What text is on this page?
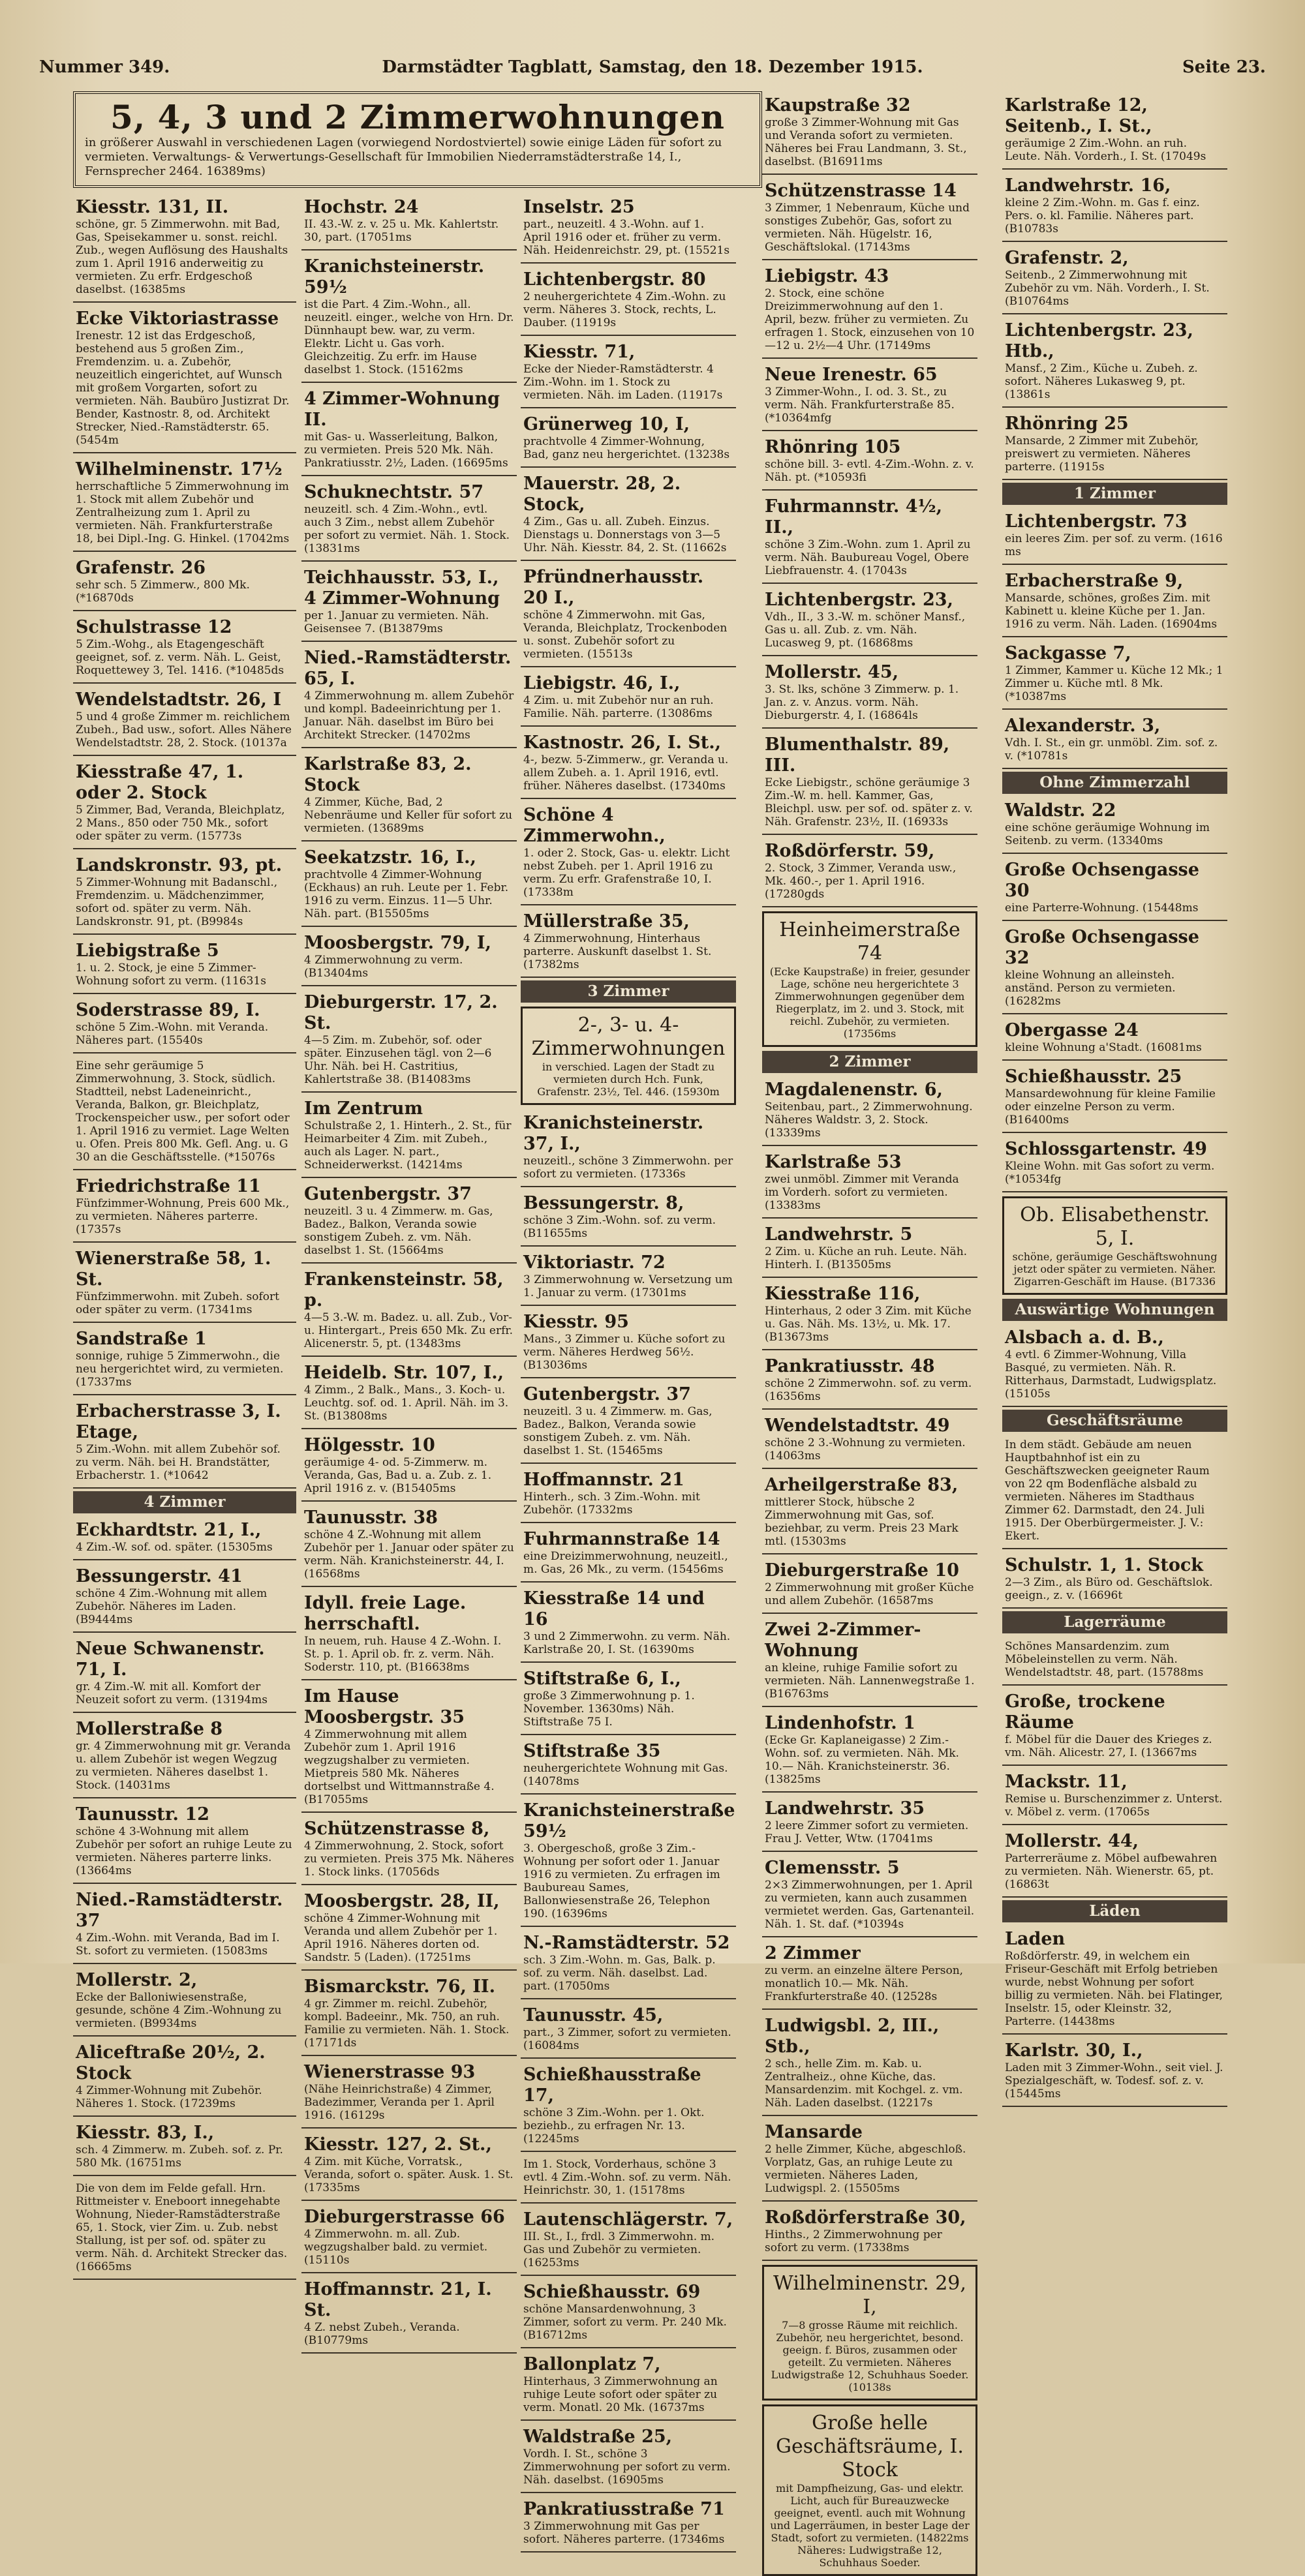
Nummer 349.	Darmstädter Tagblatt, Samstag, den 18. Dezember 1915.	Seite 23.
5, 4, 3 und 2 Zimmerwohnungen
in größerer Auswahl in verschiedenen Lagen (vorwiegend Nordostviertel) sowie einige Läden für sofort zu vermieten. Verwaltungs- & Verwertungs-Gesellschaft für Immobilien Niederramstädterstraße 14, I., Fernsprecher 2464. 16389ms)
Kiesstr. 131, II.
schöne, gr. 5 Zimmerwohn. mit Bad, Gas, Speisekammer u. sonst. reichl. Zub., wegen Auflösung des Haushalts zum 1. April 1916 anderweitig zu vermieten. Zu erfr. Erdgeschoß daselbst. (16385ms
Ecke Viktoriastrasse
Irenestr. 12 ist das Erdgeschoß, bestehend aus 5 großen Zim., Fremdenzim. u. a. Zubehör, neuzeitlich eingerichtet, auf Wunsch mit großem Vorgarten, sofort zu vermieten. Näh. Baubüro Justizrat Dr. Bender, Kastnostr. 8, od. Architekt Strecker, Nied.-Ramstädterstr. 65. (5454m
Wilhelminenstr. 17½
herrschaftliche 5 Zimmerwohnung im 1. Stock mit allem Zubehör und Zentralheizung zum 1. April zu vermieten. Näh. Frankfurterstraße 18, bei Dipl.-Ing. G. Hinkel. (17042ms
Grafenstr. 26
sehr sch. 5 Zimmerw., 800 Mk. (*16870ds
Schulstrasse 12
5 Zim.-Wohg., als Etagengeschäft geeignet, sof. z. verm. Näh. L. Geist, Roquettewey 3, Tel. 1416. (*10485ds
Wendelstadtstr. 26, I
5 und 4 große Zimmer m. reichlichem Zubeh., Bad usw., sofort. Alles Nähere Wendelstadtstr. 28, 2. Stock. (10137a
Kiesstraße 47, 1. oder 2. Stock
5 Zimmer, Bad, Veranda, Bleichplatz, 2 Mans., 850 oder 750 Mk., sofort oder später zu verm. (15773s
Landskronstr. 93, pt.
5 Zimmer-Wohnung mit Badanschl., Fremdenzim. u. Mädchenzimmer, sofort od. später zu verm. Näh. Landskronstr. 91, pt. (B9984s
Liebigstraße 5
1. u. 2. Stock, je eine 5 Zimmer-Wohnung sofort zu verm. (11631s
Soderstrasse 89, I.
schöne 5 Zim.-Wohn. mit Veranda. Näheres part. (15540s
Eine sehr geräumige 5 Zimmerwohnung, 3. Stock, südlich. Stadtteil, nebst Ladeneinricht., Veranda, Balkon, gr. Bleichplatz, Trockenspeicher usw., per sofort oder 1. April 1916 zu vermiet. Lage Welten u. Ofen. Preis 800 Mk. Gefl. Ang. u. G 30 an die Geschäftsstelle. (*15076s
Friedrichstraße 11
Fünfzimmer-Wohnung, Preis 600 Mk., zu vermieten. Näheres parterre. (17357s
Wienerstraße 58, 1. St.
Fünfzimmerwohn. mit Zubeh. sofort oder später zu verm. (17341ms
Sandstraße 1
sonnige, ruhige 5 Zimmerwohn., die neu hergerichtet wird, zu vermieten. (17337ms
Erbacherstrasse 3, I. Etage,
5 Zim.-Wohn. mit allem Zubehör sof. zu verm. Näh. bei H. Brandstätter, Erbacherstr. 1. (*10642
4 Zimmer
Eckhardtstr. 21, I.,
4 Zim.-W. sof. od. später. (15305ms
Bessungerstr. 41
schöne 4 Zim.-Wohnung mit allem Zubehör. Näheres im Laden. (B9444ms
Neue Schwanenstr. 71, I.
gr. 4 Zim.-W. mit all. Komfort der Neuzeit sofort zu verm. (13194ms
Mollerstraße 8
gr. 4 Zimmerwohnung mit gr. Veranda u. allem Zubehör ist wegen Wegzug zu vermieten. Näheres daselbst 1. Stock. (14031ms
Taunusstr. 12
schöne 4 3-Wohnung mit allem Zubehör per sofort an ruhige Leute zu vermieten. Näheres parterre links. (13664ms
Nied.-Ramstädterstr. 37
4 Zim.-Wohn. mit Veranda, Bad im I. St. sofort zu vermieten. (15083ms
Mollerstr. 2,
Ecke der Balloniwiesenstraße, gesunde, schöne 4 Zim.-Wohnung zu vermieten. (B9934ms
Aliceftraße 20½, 2. Stock
4 Zimmer-Wohnung mit Zubehör. Näheres 1. Stock. (17239ms
Kiesstr. 83, I.,
sch. 4 Zimmerw. m. Zubeh. sof. z. Pr. 580 Mk. (16751ms
Die von dem im Felde gefall. Hrn. Rittmeister v. Eneboort innegehabte Wohnung, Nieder-Ramstädterstraße 65, 1. Stock, vier Zim. u. Zub. nebst Stallung, ist per sof. od. später zu verm. Näh. d. Architekt Strecker das. (16665ms
Hochstr. 24
II. 43.-W. z. v. 25 u. Mk. Kahlertstr. 30, part. (17051ms
Kranichsteinerstr. 59½
ist die Part. 4 Zim.-Wohn., all. neuzeitl. einger., welche von Hrn. Dr. Dünnhaupt bew. war, zu verm. Elektr. Licht u. Gas vorh. Gleichzeitig. Zu erfr. im Hause daselbst 1. Stock. (15162ms
4 Zimmer-Wohnung II.
mit Gas- u. Wasserleitung, Balkon, zu vermieten. Preis 520 Mk. Näh. Pankratiusstr. 2½, Laden. (16695ms
Schuknechtstr. 57
neuzeitl. sch. 4 Zim.-Wohn., evtl. auch 3 Zim., nebst allem Zubehör per sofort zu vermiet. Näh. 1. Stock. (13831ms
Teichhausstr. 53, I., 4 Zimmer-Wohnung
per 1. Januar zu vermieten. Näh. Geisensee 7. (B13879ms
Nied.-Ramstädterstr. 65, I.
4 Zimmerwohnung m. allem Zubehör und kompl. Badeeinrichtung per 1. Januar. Näh. daselbst im Büro bei Architekt Strecker. (14702ms
Karlstraße 83, 2. Stock
4 Zimmer, Küche, Bad, 2 Nebenräume und Keller für sofort zu vermieten. (13689ms
Seekatzstr. 16, I.,
prachtvolle 4 Zimmer-Wohnung (Eckhaus) an ruh. Leute per 1. Febr. 1916 zu verm. Einzus. 11—5 Uhr. Näh. part. (B15505ms
Moosbergstr. 79, I,
4 Zimmerwohnung zu verm. (B13404ms
Dieburgerstr. 17, 2. St.
4—5 Zim. m. Zubehör, sof. oder später. Einzusehen tägl. von 2—6 Uhr. Näh. bei H. Castritius, Kahlertstraße 38. (B14083ms
Im Zentrum
Schulstraße 2, 1. Hinterh., 2. St., für Heimarbeiter 4 Zim. mit Zubeh., auch als Lager. N. part., Schneiderwerkst. (14214ms
Gutenbergstr. 37
neuzeitl. 3 u. 4 Zimmerw. m. Gas, Badez., Balkon, Veranda sowie sonstigem Zubeh. z. vm. Näh. daselbst 1. St. (15664ms
Frankensteinstr. 58, p.
4—5 3.-W. m. Badez. u. all. Zub., Vor- u. Hintergart., Preis 650 Mk. Zu erfr. Alicenerstr. 5, pt. (13483ms
Heidelb. Str. 107, I.,
4 Zimm., 2 Balk., Mans., 3. Koch- u. Leuchtg. sof. od. 1. April. Näh. im 3. St. (B13808ms
Hölgesstr. 10
geräumige 4- od. 5-Zimmerw. m. Veranda, Gas, Bad u. a. Zub. z. 1. April 1916 z. v. (B15405ms
Taunusstr. 38
schöne 4 Z.-Wohnung mit allem Zubehör per 1. Januar oder später zu verm. Näh. Kranichsteinerstr. 44, I. (16568ms
Idyll. freie Lage. herrschaftl.
In neuem, ruh. Hause 4 Z.-Wohn. I. St. p. 1. April ob. fr. z. verm. Näh. Soderstr. 110, pt. (B16638ms
Im Hause Moosbergstr. 35
4 Zimmerwohnung mit allem Zubehör zum 1. April 1916 wegzugshalber zu vermieten. Mietpreis 580 Mk. Näheres dortselbst und Wittmannstraße 4. (B17055ms
Schützenstrasse 8,
4 Zimmerwohnung, 2. Stock, sofort zu vermieten. Preis 375 Mk. Näheres 1. Stock links. (17056ds
Moosbergstr. 28, II,
schöne 4 Zimmer-Wohnung mit Veranda und allem Zubehör per 1. April 1916. Näheres dorten od. Sandstr. 5 (Laden). (17251ms
Bismarckstr. 76, II.
4 gr. Zimmer m. reichl. Zubehör, kompl. Badeeinr., Mk. 750, an ruh. Familie zu vermieten. Näh. 1. Stock. (17171ds
Wienerstrasse 93
(Nähe Heinrichstraße) 4 Zimmer, Badezimmer, Veranda per 1. April 1916. (16129s
Kiesstr. 127, 2. St.,
4 Zim. mit Küche, Vorratsk., Veranda, sofort o. später. Ausk. 1. St. (17335ms
Dieburgerstrasse 66
4 Zimmerwohn. m. all. Zub. wegzugshalber bald. zu vermiet. (15110s
Hoffmannstr. 21, I. St.
4 Z. nebst Zubeh., Veranda. (B10779ms
Inselstr. 25
part., neuzeitl. 4 3.-Wohn. auf 1. April 1916 oder et. früher zu verm. Näh. Heidenreichstr. 29, pt. (15521s
Lichtenbergstr. 80
2 neuhergerichtete 4 Zim.-Wohn. zu verm. Näheres 3. Stock, rechts, L. Dauber. (11919s
Kiesstr. 71,
Ecke der Nieder-Ramstädterstr. 4 Zim.-Wohn. im 1. Stock zu vermieten. Näh. im Laden. (11917s
Grünerweg 10, I,
prachtvolle 4 Zimmer-Wohnung, Bad, ganz neu hergerichtet. (13238s
Mauerstr. 28, 2. Stock,
4 Zim., Gas u. all. Zubeh. Einzus. Dienstags u. Donnerstags von 3—5 Uhr. Näh. Kiesstr. 84, 2. St. (11662s
Pfründnerhausstr. 20 I.,
schöne 4 Zimmerwohn. mit Gas, Veranda, Bleichplatz, Trockenboden u. sonst. Zubehör sofort zu vermieten. (15513s
Liebigstr. 46, I.,
4 Zim. u. mit Zubehör nur an ruh. Familie. Näh. parterre. (13086ms
Kastnostr. 26, I. St.,
4-, bezw. 5-Zimmerw., gr. Veranda u. allem Zubeh. a. 1. April 1916, evtl. früher. Näheres daselbst. (17340ms
Schöne 4 Zimmerwohn.,
1. oder 2. Stock, Gas- u. elektr. Licht nebst Zubeh. per 1. April 1916 zu verm. Zu erfr. Grafenstraße 10, I. (17338m
Müllerstraße 35,
4 Zimmerwohnung, Hinterhaus parterre. Auskunft daselbst 1. St. (17382ms
3 Zimmer
2-, 3- u. 4-Zimmerwohnungen
in verschied. Lagen der Stadt zu vermieten durch Hch. Funk, Grafenstr. 23½, Tel. 446. (15930m
Kranichsteinerstr. 37, I.,
neuzeitl., schöne 3 Zimmerwohn. per sofort zu vermieten. (17336s
Bessungerstr. 8,
schöne 3 Zim.-Wohn. sof. zu verm. (B11655ms
Viktoriastr. 72
3 Zimmerwohnung w. Versetzung um 1. Januar zu verm. (17301ms
Kiesstr. 95
Mans., 3 Zimmer u. Küche sofort zu verm. Näheres Herdweg 56½. (B13036ms
Gutenbergstr. 37
neuzeitl. 3 u. 4 Zimmerw. m. Gas, Badez., Balkon, Veranda sowie sonstigem Zubeh. z. vm. Näh. daselbst 1. St. (15465ms
Hoffmannstr. 21
Hinterh., sch. 3 Zim.-Wohn. mit Zubehör. (17332ms
Fuhrmannstraße 14
eine Dreizimmerwohnung, neuzeitl., m. Gas, 26 Mk., zu verm. (15456ms
Kiesstraße 14 und 16
3 und 2 Zimmerwohn. zu verm. Näh. Karlstraße 20, I. St. (16390ms
Stiftstraße 6, I.,
große 3 Zimmerwohnung p. 1. November. 13630ms) Näh. Stiftstraße 75 I.
Stiftstraße 35
neuhergerichtete Wohnung mit Gas. (14078ms
Kranichsteinerstraße 59½
3. Obergeschoß, große 3 Zim.-Wohnung per sofort oder 1. Januar 1916 zu vermieten. Zu erfragen im Baubureau Sames, Ballonwiesenstraße 26, Telephon 190. (16396ms
N.-Ramstädterstr. 52
sch. 3 Zim.-Wohn. m. Gas, Balk. p. sof. zu verm. Näh. daselbst. Lad. part. (17050ms
Taunusstr. 45,
part., 3 Zimmer, sofort zu vermieten. (16084ms
Schießhausstraße 17,
schöne 3 Zim.-Wohn. per 1. Okt. beziehb., zu erfragen Nr. 13. (12245ms
Im 1. Stock, Vorderhaus, schöne 3 evtl. 4 Zim.-Wohn. sof. zu verm. Näh. Heinrichstr. 30, 1. (15178ms
Lautenschlägerstr. 7,
III. St., I., frdl. 3 Zimmerwohn. m. Gas und Zubehör zu vermieten. (16253ms
Schießhausstr. 69
schöne Mansardenwohnung, 3 Zimmer, sofort zu verm. Pr. 240 Mk. (B16712ms
Ballonplatz 7,
Hinterhaus, 3 Zimmerwohnung an ruhige Leute sofort oder später zu verm. Monatl. 20 Mk. (16737ms
Waldstraße 25,
Vordh. I. St., schöne 3 Zimmerwohnung per sofort zu verm. Näh. daselbst. (16905ms
Pankratiusstraße 71
3 Zimmerwohnung mit Gas per sofort. Näheres parterre. (17346ms
Kaupstraße 32
große 3 Zimmer-Wohnung mit Gas und Veranda sofort zu vermieten. Näheres bei Frau Landmann, 3. St., daselbst. (B16911ms
Schützenstrasse 14
3 Zimmer, 1 Nebenraum, Küche und sonstiges Zubehör, Gas, sofort zu vermieten. Näh. Hügelstr. 16, Geschäftslokal. (17143ms
Liebigstr. 43
2. Stock, eine schöne Dreizimmerwohnung auf den 1. April, bezw. früher zu vermieten. Zu erfragen 1. Stock, einzusehen von 10—12 u. 2½—4 Uhr. (17149ms
Neue Irenestr. 65
3 Zimmer-Wohn., I. od. 3. St., zu verm. Näh. Frankfurterstraße 85. (*10364mfg
Rhönring 105
schöne bill. 3- evtl. 4-Zim.-Wohn. z. v. Näh. pt. (*10593fi
Fuhrmannstr. 4½, II.,
schöne 3 Zim.-Wohn. zum 1. April zu verm. Näh. Baubureau Vogel, Obere Liebfrauenstr. 4. (17043s
Lichtenbergstr. 23,
Vdh., II., 3 3.-W. m. schöner Mansf., Gas u. all. Zub. z. vm. Näh. Lucasweg 9, pt. (16868ms
Mollerstr. 45,
3. St. lks, schöne 3 Zimmerw. p. 1. Jan. z. v. Anzus. vorm. Näh. Dieburgerstr. 4, I. (16864ls
Blumenthalstr. 89, III.
Ecke Liebigstr., schöne geräumige 3 Zim.-W. m. hell. Kammer, Gas, Bleichpl. usw. per sof. od. später z. v. Näh. Grafenstr. 23½, II. (16933s
Roßdörferstr. 59,
2. Stock, 3 Zimmer, Veranda usw., Mk. 460.-, per 1. April 1916. (17280gds
Heinheimerstraße 74
(Ecke Kaupstraße) in freier, gesunder Lage, schöne neu hergerichtete 3 Zimmerwohnungen gegenüber dem Riegerplatz, im 2. und 3. Stock, mit reichl. Zubehör, zu vermieten. (17356ms
2 Zimmer
Magdalenenstr. 6,
Seitenbau, part., 2 Zimmerwohnung. Näheres Waldstr. 3, 2. Stock. (13339ms
Karlstraße 53
zwei unmöbl. Zimmer mit Veranda im Vorderh. sofort zu vermieten. (13383ms
Landwehrstr. 5
2 Zim. u. Küche an ruh. Leute. Näh. Hinterh. I. (B13505ms
Kiesstraße 116,
Hinterhaus, 2 oder 3 Zim. mit Küche u. Gas. Näh. Ms. 13½, u. Mk. 17. (B13673ms
Pankratiusstr. 48
schöne 2 Zimmerwohn. sof. zu verm. (16356ms
Wendelstadtstr. 49
schöne 2 3.-Wohnung zu vermieten. (14063ms
Arheilgerstraße 83,
mittlerer Stock, hübsche 2 Zimmerwohnung mit Gas, sof. beziehbar, zu verm. Preis 23 Mark mtl. (15303ms
Dieburgerstraße 10
2 Zimmerwohnung mit großer Küche und allem Zubehör. (16587ms
Zwei 2-Zimmer-Wohnung
an kleine, ruhige Familie sofort zu vermieten. Näh. Lannenwegstraße 1. (B16763ms
Lindenhofstr. 1
(Ecke Gr. Kaplaneigasse) 2 Zim.-Wohn. sof. zu vermieten. Näh. Mk. 10.— Näh. Kranichsteinerstr. 36. (13825ms
Landwehrstr. 35
2 leere Zimmer sofort zu vermieten. Frau J. Vetter, Wtw. (17041ms
Clemensstr. 5
2×3 Zimmerwohnungen, per 1. April zu vermieten, kann auch zusammen vermietet werden. Gas, Gartenanteil. Näh. 1. St. daf. (*10394s
2 Zimmer
zu verm. an einzelne ältere Person, monatlich 10.— Mk. Näh. Frankfurterstraße 40. (12528s
Ludwigsbl. 2, III., Stb.,
2 sch., helle Zim. m. Kab. u. Zentralheiz., ohne Küche, das. Mansardenzim. mit Kochgel. z. vm. Näh. Laden daselbst. (12217s
Mansarde
2 helle Zimmer, Küche, abgeschloß. Vorplatz, Gas, an ruhige Leute zu vermieten. Näheres Laden, Ludwigspl. 2. (15505ms
Roßdörferstraße 30,
Hinths., 2 Zimmerwohnung per sofort zu verm. (17338ms
Wilhelminenstr. 29, I,
7—8 grosse Räume mit reichlich. Zubehör, neu hergerichtet, besond. geeign. f. Büros, zusammen oder geteilt. Zu vermieten. Näheres Ludwigstraße 12, Schuhhaus Soeder. (10138s
Große helle Geschäftsräume, I. Stock
mit Dampfheizung, Gas- und elektr. Licht, auch für Bureauzwecke geeignet, eventl. auch mit Wohnung und Lagerräumen, in bester Lage der Stadt, sofort zu vermieten. (14822ms Näheres: Ludwigstraße 12, Schuhhaus Soeder.
Karlstraße 12, Seitenb., I. St.,
geräumige 2 Zim.-Wohn. an ruh. Leute. Näh. Vorderh., I. St. (17049s
Landwehrstr. 16,
kleine 2 Zim.-Wohn. m. Gas f. einz. Pers. o. kl. Familie. Näheres part. (B10783s
Grafenstr. 2,
Seitenb., 2 Zimmerwohnung mit Zubehör zu vm. Näh. Vorderh., I. St. (B10764ms
Lichtenbergstr. 23, Htb.,
Mansf., 2 Zim., Küche u. Zubeh. z. sofort. Näheres Lukasweg 9, pt. (13861s
Rhönring 25
Mansarde, 2 Zimmer mit Zubehör, preiswert zu vermieten. Näheres parterre. (11915s
1 Zimmer
Lichtenbergstr. 73
ein leeres Zim. per sof. zu verm. (1616 ms
Erbacherstraße 9,
Mansarde, schönes, großes Zim. mit Kabinett u. kleine Küche per 1. Jan. 1916 zu verm. Näh. Laden. (16904ms
Sackgasse 7,
1 Zimmer, Kammer u. Küche 12 Mk.; 1 Zimmer u. Küche mtl. 8 Mk. (*10387ms
Alexanderstr. 3,
Vdh. I. St., ein gr. unmöbl. Zim. sof. z. v. (*10781s
Ohne Zimmerzahl
Waldstr. 22
eine schöne geräumige Wohnung im Seitenb. zu verm. (13340ms
Große Ochsengasse 30
eine Parterre-Wohnung. (15448ms
Große Ochsengasse 32
kleine Wohnung an alleinsteh. anständ. Person zu vermieten. (16282ms
Obergasse 24
kleine Wohnung a'Stadt. (16081ms
Schießhausstr. 25
Mansardewohnung für kleine Familie oder einzelne Person zu verm. (B16400ms
Schlossgartenstr. 49
Kleine Wohn. mit Gas sofort zu verm. (*10534fg
Ob. Elisabethenstr. 5, I.
schöne, geräumige Geschäftswohnung jetzt oder später zu vermieten. Näher. Zigarren-Geschäft im Hause. (B17336
Auswärtige Wohnungen
Alsbach a. d. B.,
4 evtl. 6 Zimmer-Wohnung, Villa Basqué, zu vermieten. Näh. R. Ritterhaus, Darmstadt, Ludwigsplatz. (15105s
Geschäftsräume
In dem städt. Gebäude am neuen Hauptbahnhof ist ein zu Geschäftszwecken geeigneter Raum von 22 qm Bodenfläche alsbald zu vermieten. Näheres im Stadthaus Zimmer 62. Darmstadt, den 24. Juli 1915. Der Oberbürgermeister. J. V.: Ekert.
Schulstr. 1, 1. Stock
2—3 Zim., als Büro od. Geschäftslok. geeign., z. v. (16696t
Lagerräume
Schönes Mansardenzim. zum Möbeleinstellen zu verm. Näh. Wendelstadtstr. 48, part. (15788ms
Große, trockene Räume
f. Möbel für die Dauer des Krieges z. vm. Näh. Alicestr. 27, I. (13667ms
Mackstr. 11,
Remise u. Burschenzimmer z. Unterst. v. Möbel z. verm. (17065s
Mollerstr. 44,
Parterreräume z. Möbel aufbewahren zu vermieten. Näh. Wienerstr. 65, pt. (16863t
Läden
Laden
Roßdörferstr. 49, in welchem ein Friseur-Geschäft mit Erfolg betrieben wurde, nebst Wohnung per sofort billig zu vermieten. Näh. bei Flatinger, Inselstr. 15, oder Kleinstr. 32, Parterre. (14438ms
Karlstr. 30, I.,
Laden mit 3 Zimmer-Wohn., seit viel. J. Spezialgeschäft, w. Todesf. sof. z. v. (15445ms
